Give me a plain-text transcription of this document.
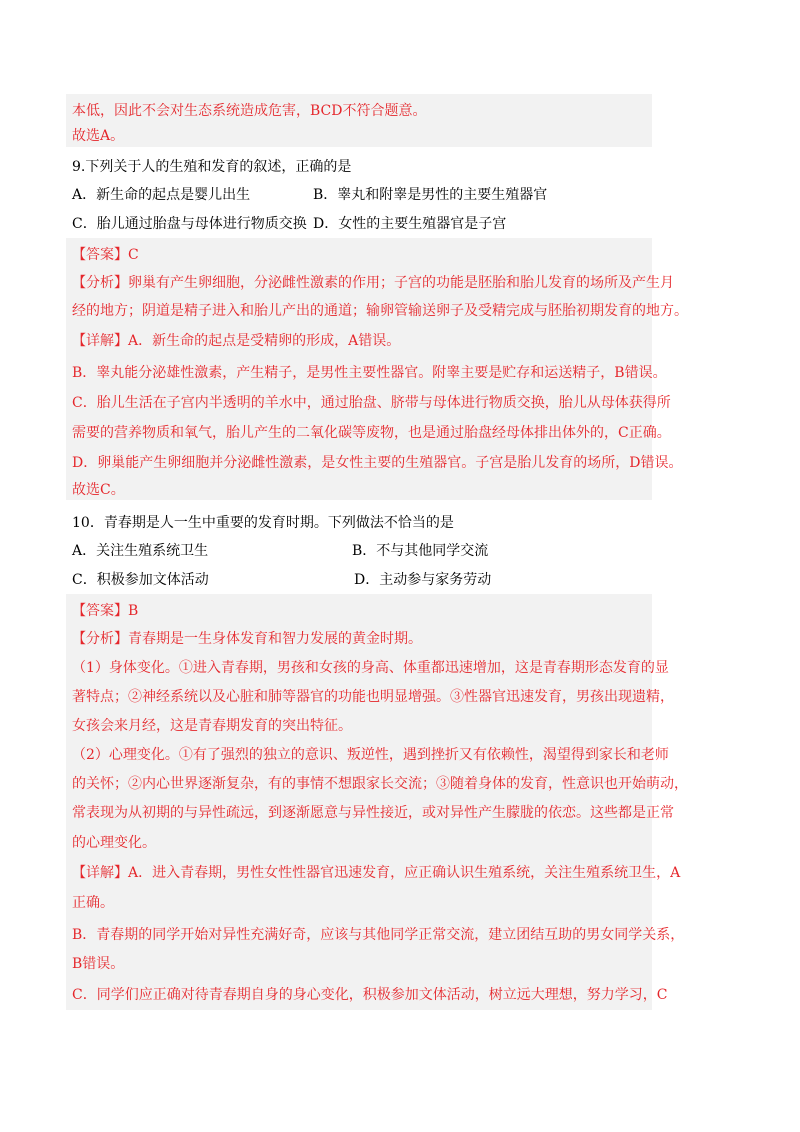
本低，因此不会对生态系统造成危害，BCD不符合题意。
故选A。
9.下列关于人的生殖和发育的叙述，正确的是
A．新生命的起点是婴儿出生	B．睾丸和附睾是男性的主要生殖器官
C．胎儿通过胎盘与母体进行物质交换 D．女性的主要生殖器官是子宫
【答案】C
【分析】卵巢有产生卵细胞，分泌雌性激素的作用；子宫的功能是胚胎和胎儿发育的场所及产生月
经的地方；阴道是精子进入和胎儿产出的通道；输卵管输送卵子及受精完成与胚胎初期发育的地方。
【详解】A．新生命的起点是受精卵的形成，A错误。
B．睾丸能分泌雄性激素，产生精子，是男性主要性器官。附睾主要是贮存和运送精子，B错误。
C．胎儿生活在子宫内半透明的羊水中，通过胎盘、脐带与母体进行物质交换，胎儿从母体获得所
需要的营养物质和氧气，胎儿产生的二氧化碳等废物，也是通过胎盘经母体排出体外的，C正确。
D．卵巢能产生卵细胞并分泌雌性激素，是女性主要的生殖器官。子宫是胎儿发育的场所，D错误。
故选C。
10．青春期是人一生中重要的发育时期。下列做法不恰当的是
A．关注生殖系统卫生	B．不与其他同学交流
C．积极参加文体活动	D．主动参与家务劳动
【答案】B
【分析】青春期是一生身体发育和智力发展的黄金时期。
（1）身体变化。①进入青春期，男孩和女孩的身高、体重都迅速增加，这是青春期形态发育的显
著特点；②神经系统以及心脏和肺等器官的功能也明显增强。③性器官迅速发育，男孩出现遗精，
女孩会来月经，这是青春期发育的突出特征。
（2）心理变化。①有了强烈的独立的意识、叛逆性，遇到挫折又有依赖性，渴望得到家长和老师
的关怀；②内心世界逐渐复杂，有的事情不想跟家长交流；③随着身体的发育，性意识也开始萌动，
常表现为从初期的与异性疏远，到逐渐愿意与异性接近，或对异性产生朦胧的依恋。这些都是正常
的心理变化。
【详解】A．进入青春期，男性女性性器官迅速发育，应正确认识生殖系统，关注生殖系统卫生，A
正确。
B．青春期的同学开始对异性充满好奇，应该与其他同学正常交流，建立团结互助的男女同学关系，
B错误。
C．同学们应正确对待青春期自身的身心变化，积极参加文体活动，树立远大理想，努力学习，C
